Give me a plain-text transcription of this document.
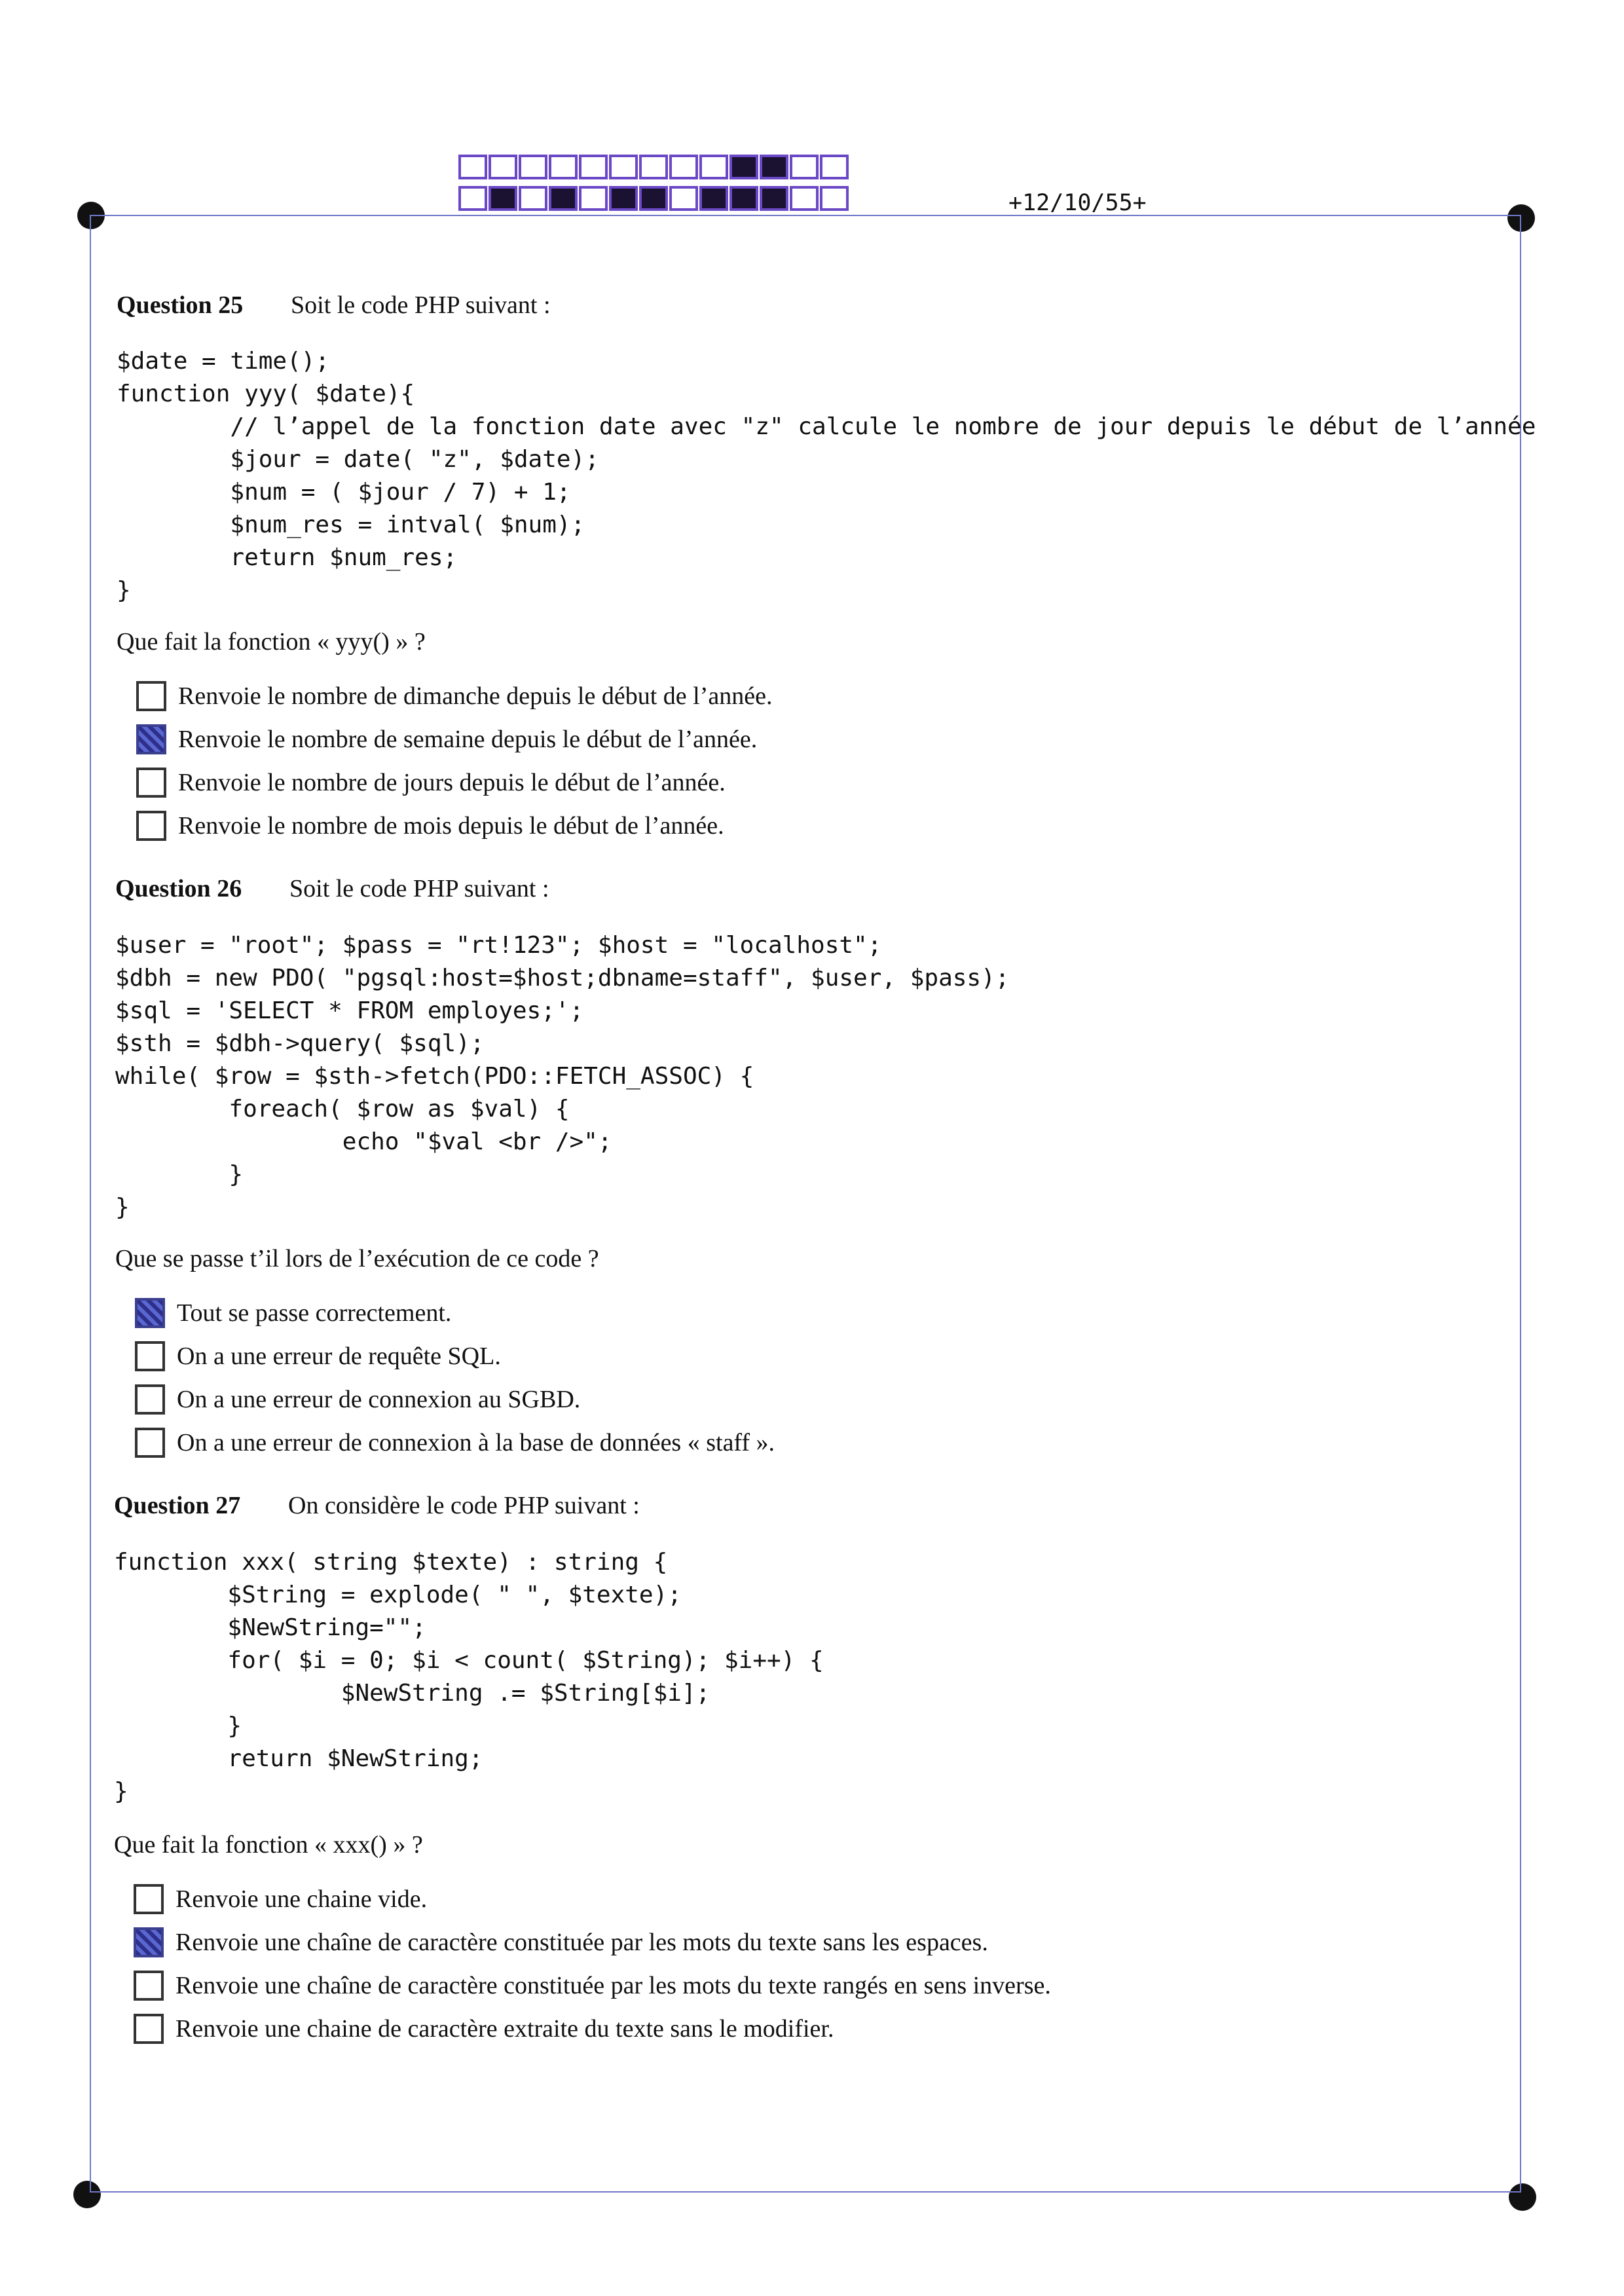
+12/10/55+
Question 25 Soit le code PHP suivant :
$date = time();
function yyy( $date){
// l’appel de la fonction date avec "z" calcule le nombre de jour depuis le début de l’année
$jour = date( "z", $date);
$num = ( $jour / 7) + 1;
$num_res = intval( $num);
return $num_res;
}
Que fait la fonction « yyy() » ?
Renvoie le nombre de dimanche depuis le début de l’année.
Renvoie le nombre de semaine depuis le début de l’année.
Renvoie le nombre de jours depuis le début de l’année.
Renvoie le nombre de mois depuis le début de l’année.
Question 26 Soit le code PHP suivant :
$user = "root"; $pass = "rt!123"; $host = "localhost";
$dbh = new PDO( "pgsql:host=$host;dbname=staff", $user, $pass);
$sql = 'SELECT * FROM employes;';
$sth = $dbh->query( $sql);
while( $row = $sth->fetch(PDO::FETCH_ASSOC) {
foreach( $row as $val) {
echo "$val <br />";
}
}
Que se passe t’il lors de l’exécution de ce code ?
Tout se passe correctement.
On a une erreur de requête SQL.
On a une erreur de connexion au SGBD.
On a une erreur de connexion à la base de données « staff ».
Question 27 On considère le code PHP suivant :
function xxx( string $texte) : string {
$String = explode( " ", $texte);
$NewString="";
for( $i = 0; $i < count( $String); $i++) {
$NewString .= $String[$i];
}
return $NewString;
}
Que fait la fonction « xxx() » ?
Renvoie une chaine vide.
Renvoie une chaîne de caractère constituée par les mots du texte sans les espaces.
Renvoie une chaîne de caractère constituée par les mots du texte rangés en sens inverse.
Renvoie une chaine de caractère extraite du texte sans le modifier.
